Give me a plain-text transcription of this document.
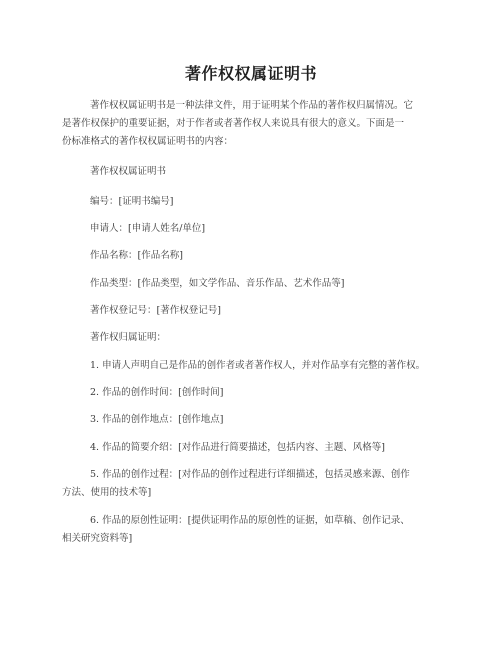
著作权权属证明书
著作权权属证明书是一种法律文件，用于证明某个作品的著作权归属情况。它
是著作权保护的重要证据，对于作者或者著作权人来说具有很大的意义。下面是一
份标准格式的著作权权属证明书的内容：
著作权权属证明书
编号：[证明书编号]
申请人：[申请人姓名/单位]
作品名称：[作品名称]
作品类型：[作品类型，如文学作品、音乐作品、艺术作品等]
著作权登记号：[著作权登记号]
著作权归属证明：
1. 申请人声明自己是作品的创作者或者著作权人，并对作品享有完整的著作权。
2. 作品的创作时间：[创作时间]
3. 作品的创作地点：[创作地点]
4. 作品的简要介绍：[对作品进行简要描述，包括内容、主题、风格等]
5. 作品的创作过程：[对作品的创作过程进行详细描述，包括灵感来源、创作
方法、使用的技术等]
6. 作品的原创性证明：[提供证明作品的原创性的证据，如草稿、创作记录、
相关研究资料等]
